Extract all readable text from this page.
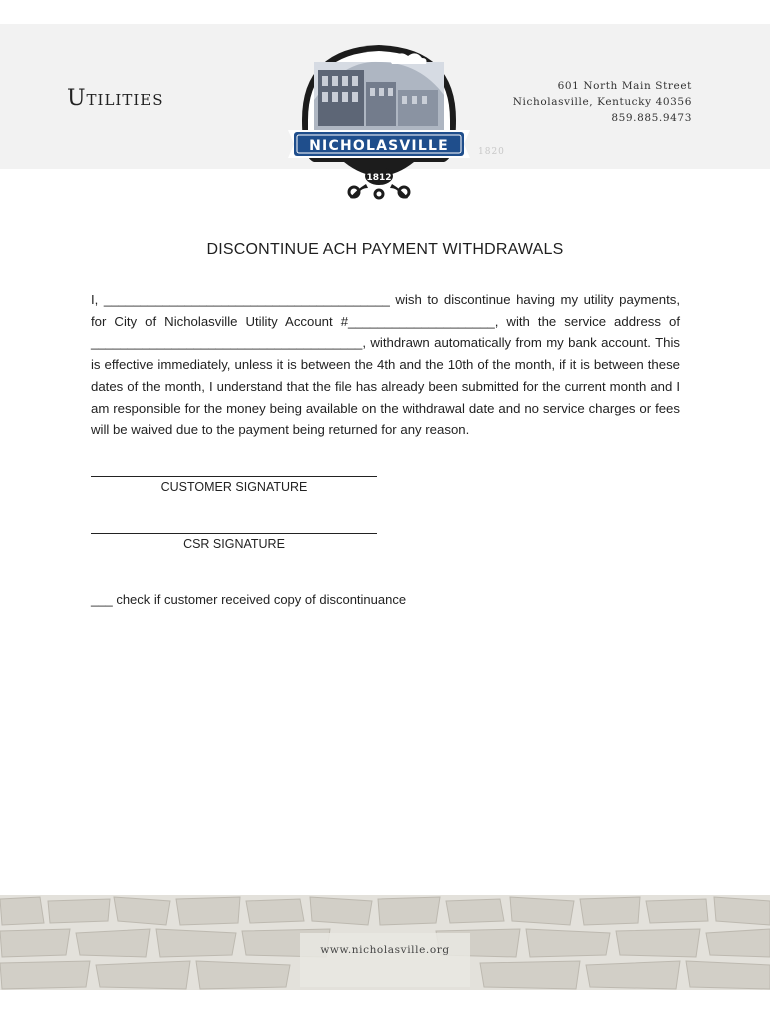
Utilities	601 North Main Street
Nicholasville, Kentucky 40356
859.885.9473
NICHOLASVILLE
1812
1820
DISCONTINUE ACH PAYMENT WITHDRAWALS
I, _______________________________________ wish to discontinue having my utility payments, for City of Nicholasville Utility Account #____________________, with the service address of _____________________________________, withdrawn automatically from my bank account. This is effective immediately, unless it is between the 4th and the 10th of the month, if it is between these dates of the month, I understand that the file has already been submitted for the current month and I am responsible for the money being available on the withdrawal date and no service charges or fees will be waived due to the payment being returned for any reason.
CUSTOMER SIGNATURE
CSR SIGNATURE
___ check if customer received copy of discontinuance
www.nicholasville.org
